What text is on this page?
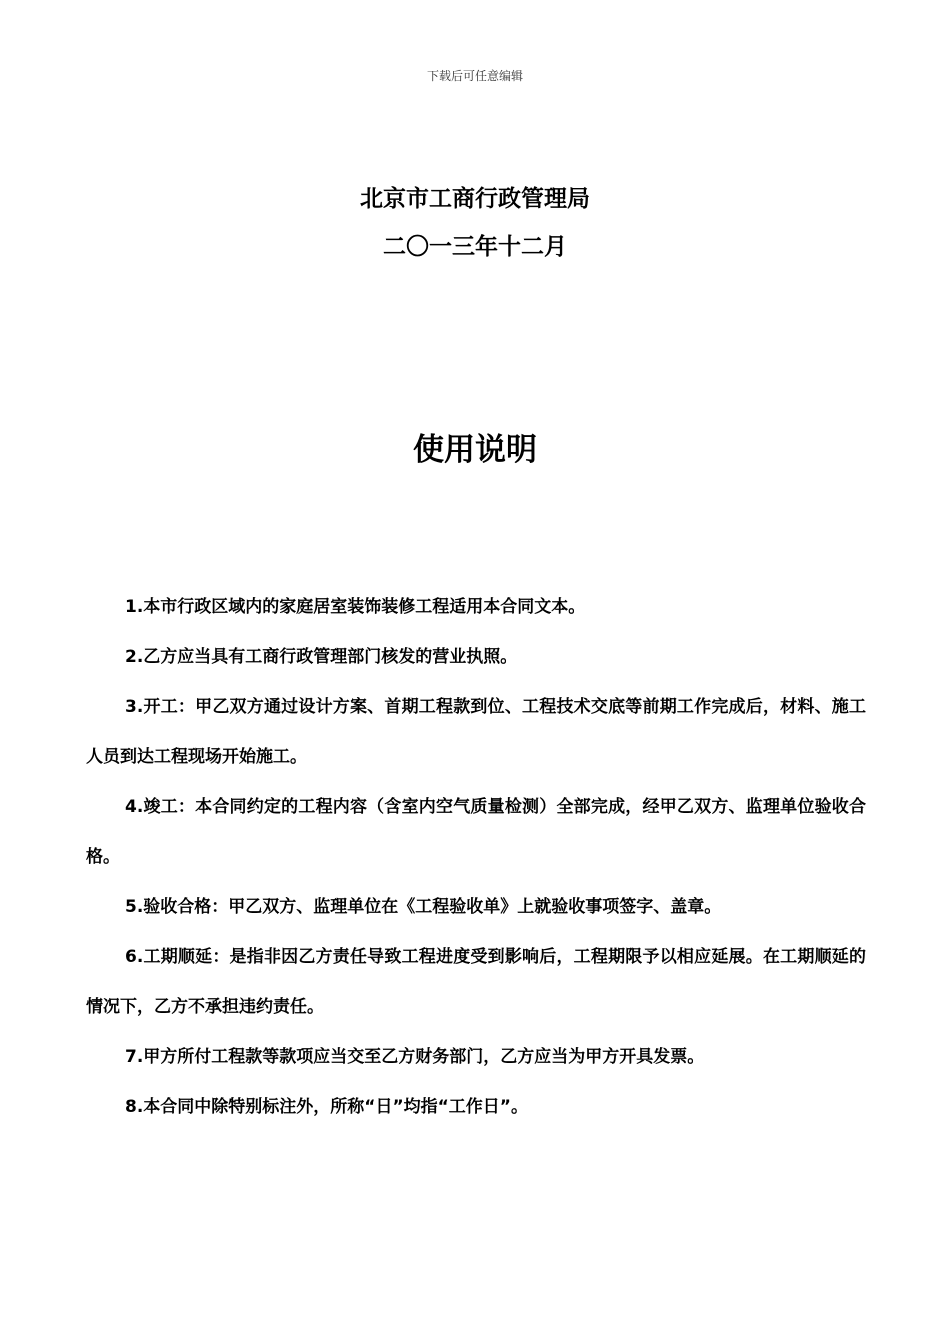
下载后可任意编辑
北京市工商行政管理局
二〇一三年十二月
使用说明

1.本市行政区域内的家庭居室装饰装修工程适用本合同文本。

2.乙方应当具有工商行政管理部门核发的营业执照。

3.开工：甲乙双方通过设计方案、首期工程款到位、工程技术交底等前期工作完成后，材料、施工人员到达工程现场开始施工。

4.竣工：本合同约定的工程内容（含室内空气质量检测）全部完成，经甲乙双方、监理单位验收合格。

5.验收合格：甲乙双方、监理单位在《工程验收单》上就验收事项签字、盖章。

6.工期顺延：是指非因乙方责任导致工程进度受到影响后，工程期限予以相应延展。在工期顺延的情况下，乙方不承担违约责任。

7.甲方所付工程款等款项应当交至乙方财务部门，乙方应当为甲方开具发票。

8.本合同中除特别标注外，所称“日”均指“工作日”。
